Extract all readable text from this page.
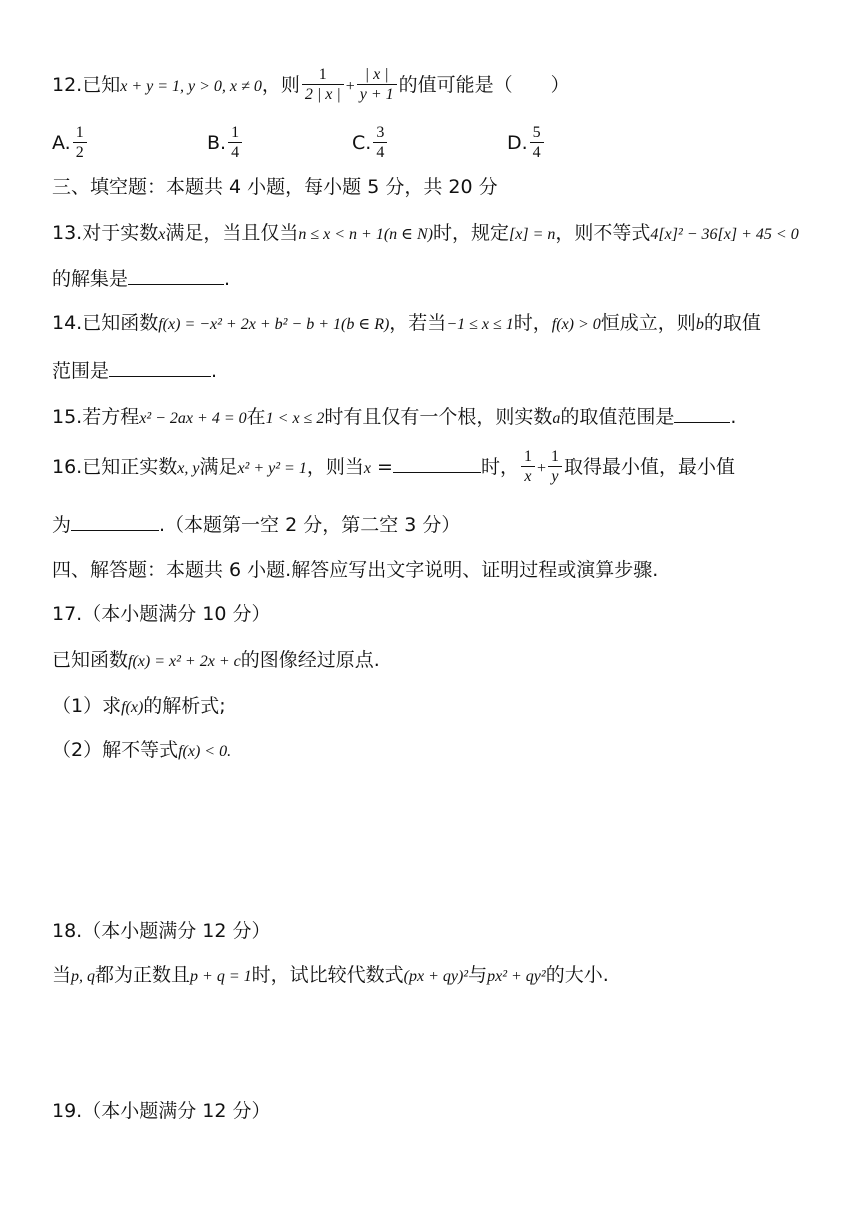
12.已知x + y = 1, y > 0, x ≠ 0，则 $\frac{1}{2 | x |} + \frac{| x |}{y + 1}$ 的值可能是（　　）
A. $\frac{1}{2}$	B. $\frac{1}{4}$	C. $\frac{3}{4}$	D. $\frac{5}{4}$
三、填空题：本题共 4 小题，每小题 5 分，共 20 分
13.对于实数x满足，当且仅当n ≤ x < n + 1(n ∈ N)时，规定[x] = n，则不等式4[x]² − 36[x] + 45 < 0
的解集是	.
14.已知函数f(x) = −x² + 2x + b² − b + 1(b ∈ R)，若当−1 ≤ x ≤ 1时，f(x) > 0恒成立，则b的取值
范围是	.
15.若方程x² − 2ax + 4 = 0在1 < x ≤ 2时有且仅有一个根，则实数a的取值范围是	.
16.已知正实数x, y满足x² + y² = 1，则当x =	时， $\frac{1}{x} + \frac{1}{y}$ 取得最小值，最小值
为	.（本题第一空 2 分，第二空 3 分）
四、解答题：本题共 6 小题.解答应写出文字说明、证明过程或演算步骤.
17.（本小题满分 10 分）
已知函数f(x) = x² + 2x + c的图像经过原点.
（1）求f(x)的解析式;
（2）解不等式f(x) < 0.
18.（本小题满分 12 分）
当p, q都为正数且p + q = 1时，试比较代数式(px + qy)²与px² + qy²的大小.
19.（本小题满分 12 分）
